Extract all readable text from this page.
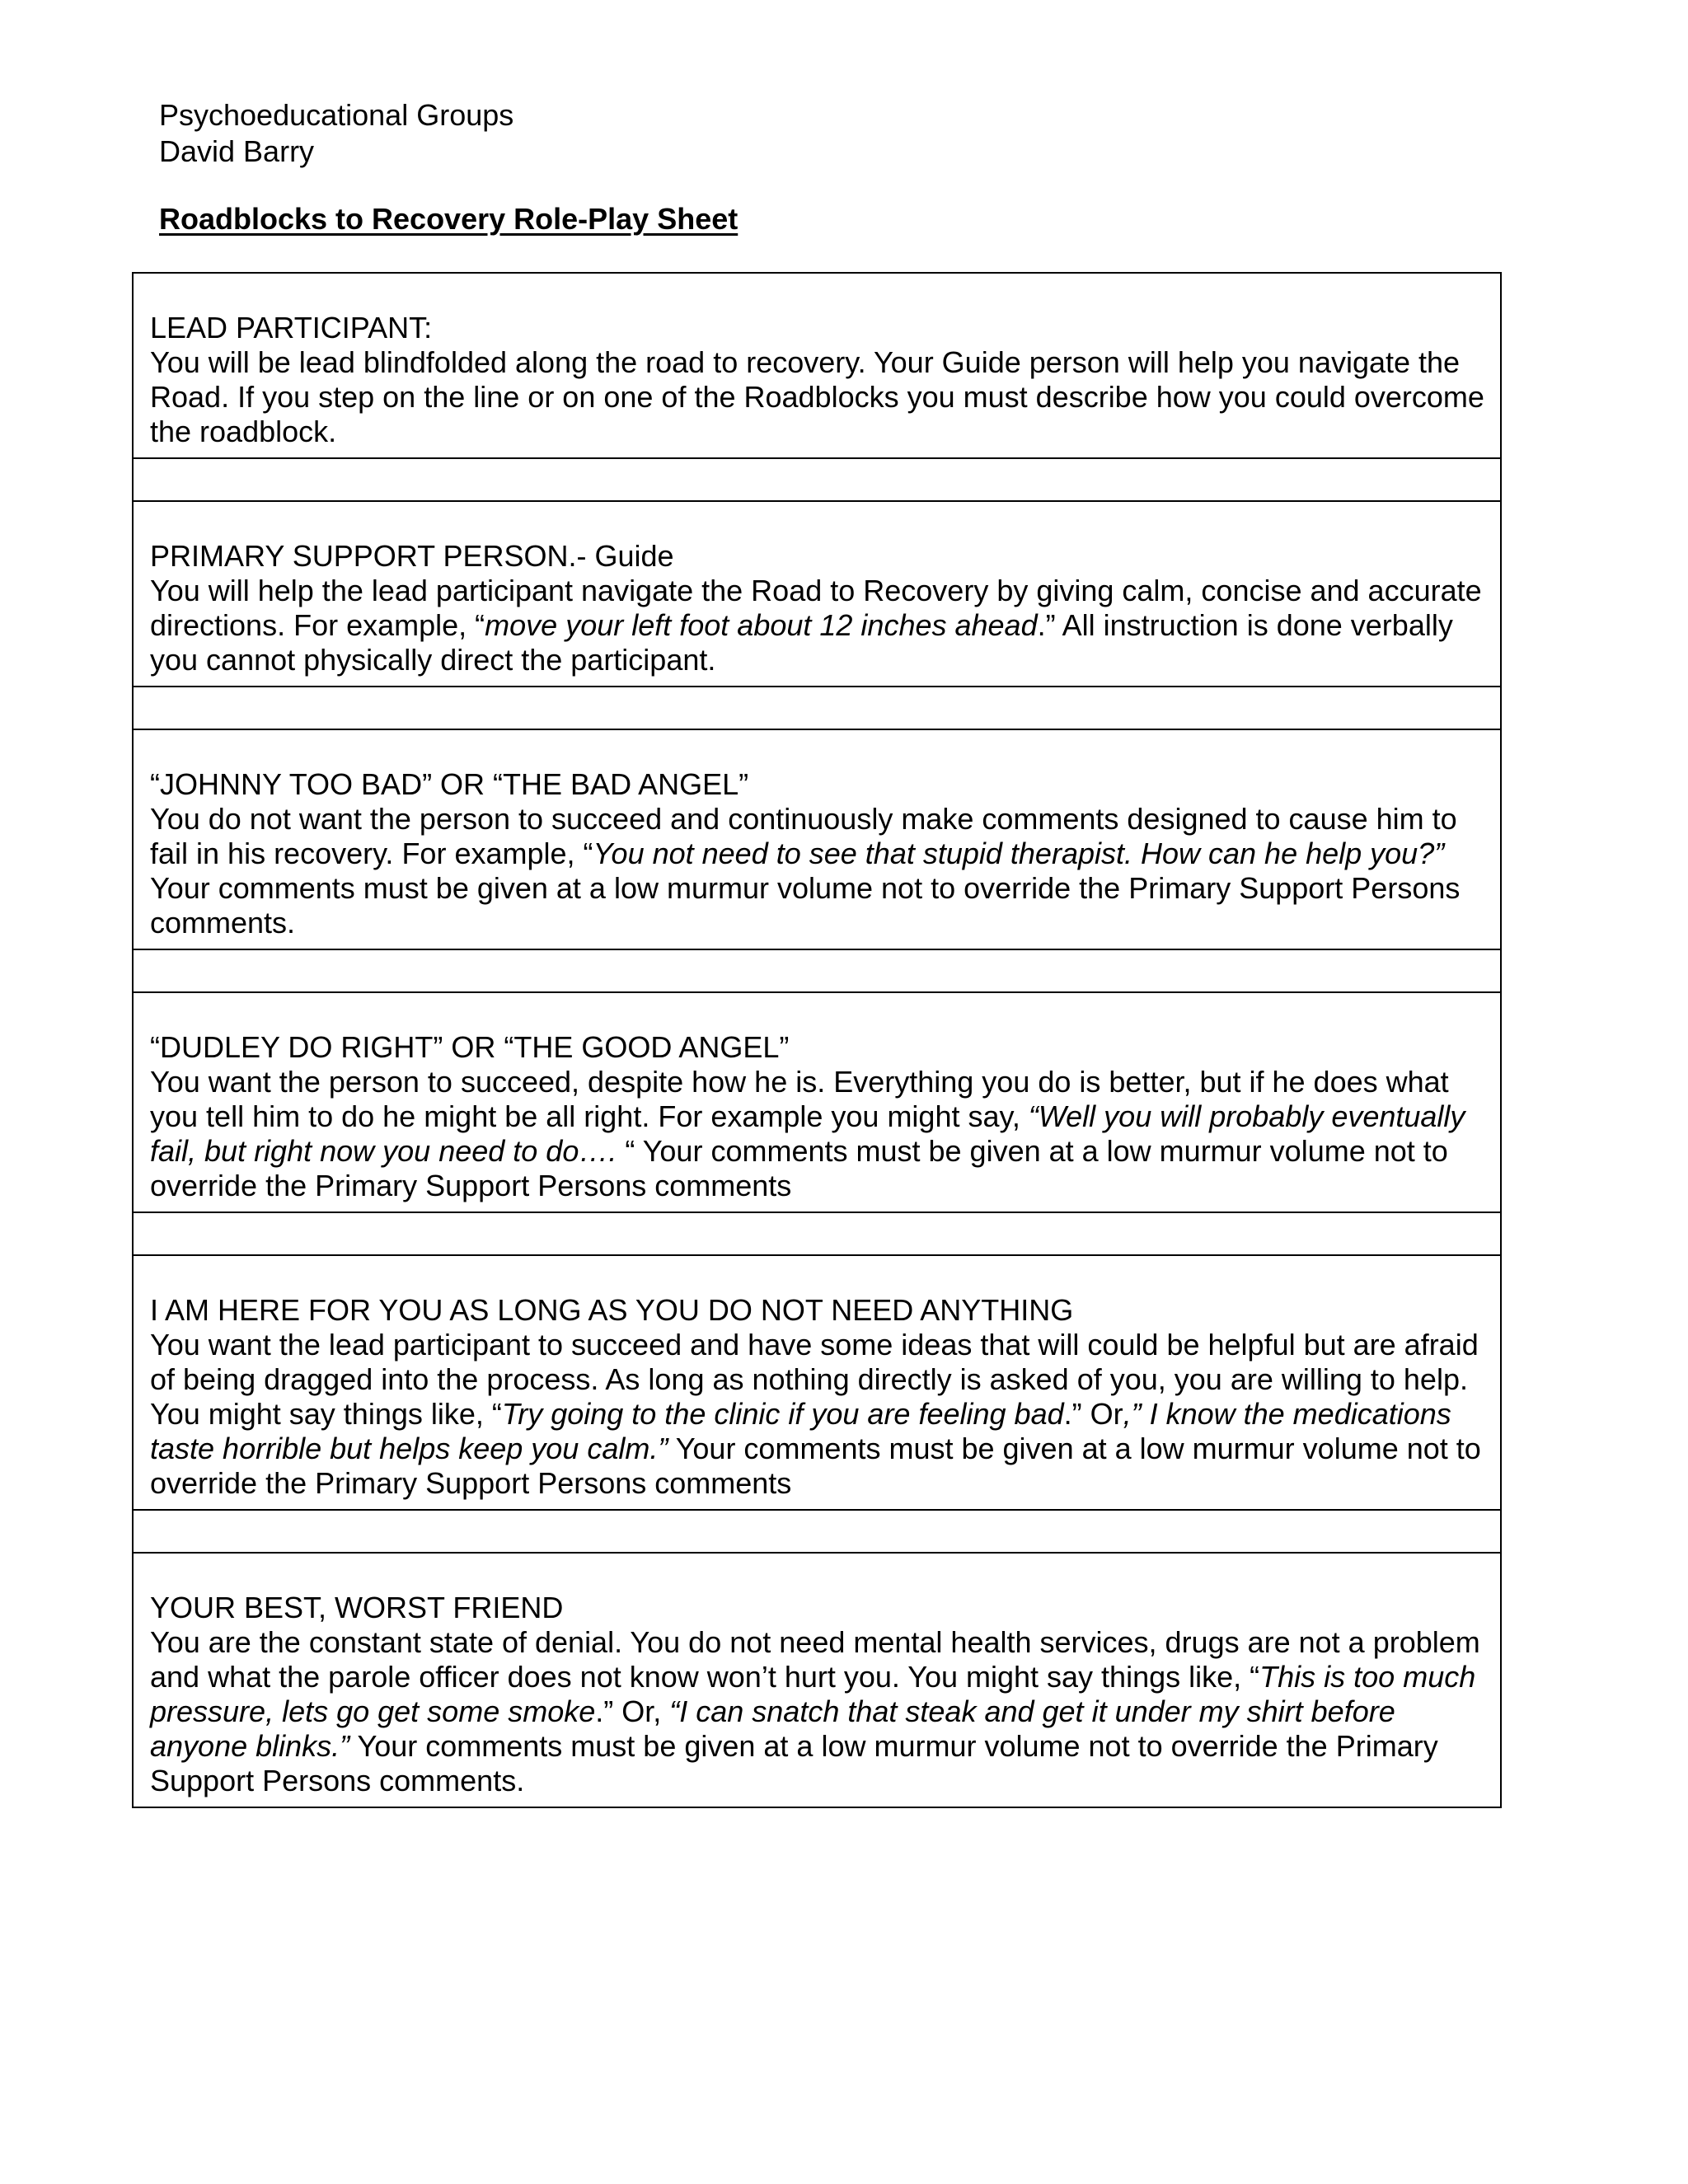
Psychoeducational Groups
David Barry
Roadblocks to Recovery Role-Play Sheet
LEAD PARTICIPANT:
You will be lead blindfolded along the road to recovery. Your Guide person will help you navigate the Road. If you step on the line or on one of the Roadblocks you must describe how you could overcome the roadblock.
PRIMARY SUPPORT PERSON.- Guide
You will help the lead participant navigate the Road to Recovery by giving calm, concise and accurate directions. For example, “move your left foot about 12 inches ahead.” All instruction is done verbally you cannot physically direct the participant.
“JOHNNY TOO BAD” OR “THE BAD ANGEL”
You do not want the person to succeed and continuously make comments designed to cause him to fail in his recovery. For example, “You not need to see that stupid therapist. How can he help you?” Your comments must be given at a low murmur volume not to override the Primary Support Persons comments.
“DUDLEY DO RIGHT” OR “THE GOOD ANGEL”
You want the person to succeed, despite how he is. Everything you do is better, but if he does what you tell him to do he might be all right. For example you might say, “Well you will probably eventually fail, but right now you need to do…. “ Your comments must be given at a low murmur volume not to override the Primary Support Persons comments
I AM HERE FOR YOU AS LONG AS YOU DO NOT NEED ANYTHING
You want the lead participant to succeed and have some ideas that will could be helpful but are afraid of being dragged into the process. As long as nothing directly is asked of you, you are willing to help. You might say things like, “Try going to the clinic if you are feeling bad.” Or,” I know the medications taste horrible but helps keep you calm.” Your comments must be given at a low murmur volume not to override the Primary Support Persons comments
YOUR BEST, WORST FRIEND
You are the constant state of denial. You do not need mental health services, drugs are not a problem and what the parole officer does not know won’t hurt you. You might say things like, “This is too much pressure, lets go get some smoke.” Or, “I can snatch that steak and get it under my shirt before anyone blinks.” Your comments must be given at a low murmur volume not to override the Primary Support Persons comments.
